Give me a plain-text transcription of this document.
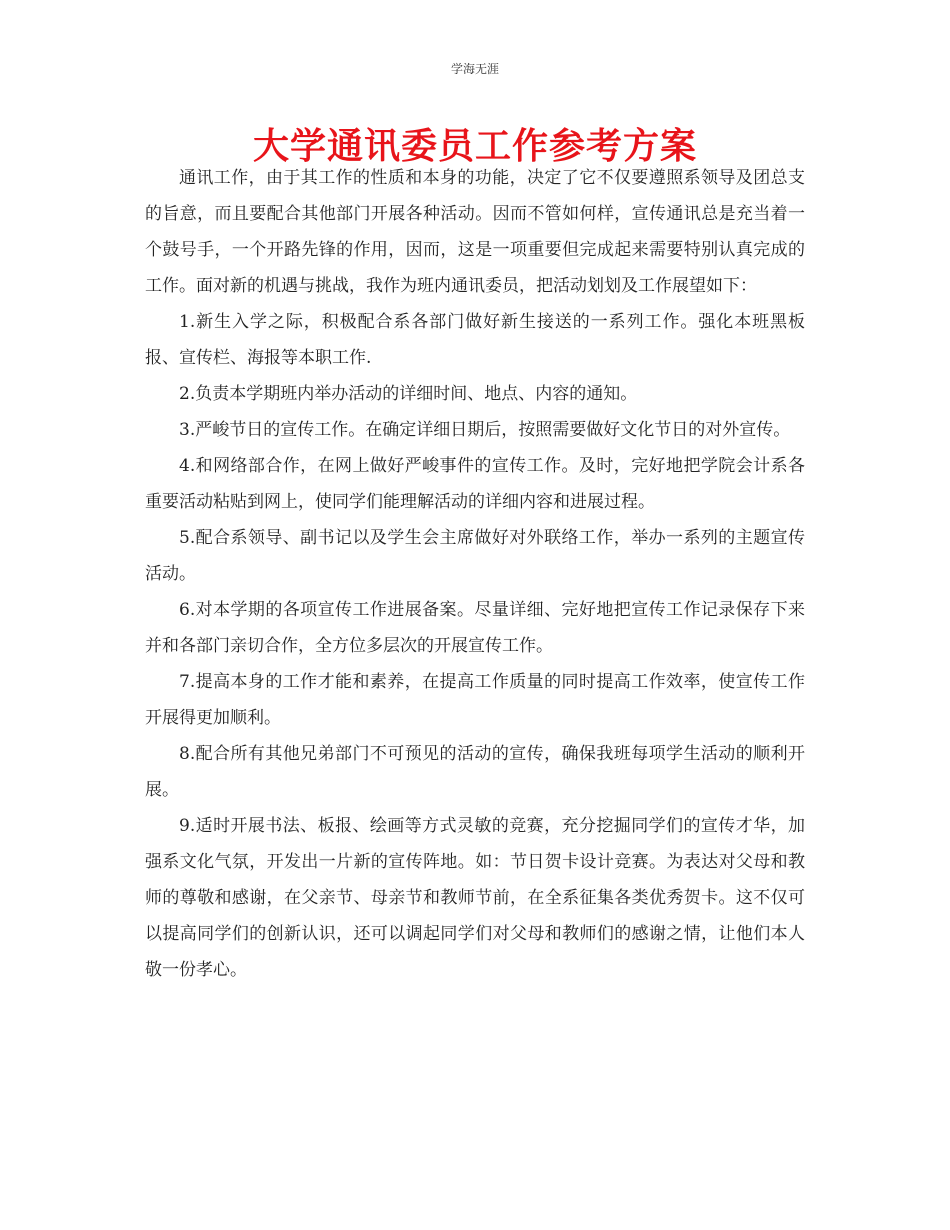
学海无涯
大学通讯委员工作参考方案

通讯工作，由于其工作的性质和本身的功能，决定了它不仅要遵照系领导及团总支的旨意，而且要配合其他部门开展各种活动。因而不管如何样，宣传通讯总是充当着一个鼓号手，一个开路先锋的作用，因而，这是一项重要但完成起来需要特别认真完成的工作。面对新的机遇与挑战，我作为班内通讯委员，把活动划划及工作展望如下：

1.新生入学之际，积极配合系各部门做好新生接送的一系列工作。强化本班黑板报、宣传栏、海报等本职工作.

2.负责本学期班内举办活动的详细时间、地点、内容的通知。

3.严峻节日的宣传工作。在确定详细日期后，按照需要做好文化节日的对外宣传。

4.和网络部合作，在网上做好严峻事件的宣传工作。及时，完好地把学院会计系各重要活动粘贴到网上，使同学们能理解活动的详细内容和进展过程。

5.配合系领导、副书记以及学生会主席做好对外联络工作，举办一系列的主题宣传活动。

6.对本学期的各项宣传工作进展备案。尽量详细、完好地把宣传工作记录保存下来并和各部门亲切合作，全方位多层次的开展宣传工作。

7.提高本身的工作才能和素养，在提高工作质量的同时提高工作效率，使宣传工作开展得更加顺利。

8.配合所有其他兄弟部门不可预见的活动的宣传，确保我班每项学生活动的顺利开展。

9.适时开展书法、板报、绘画等方式灵敏的竞赛，充分挖掘同学们的宣传才华，加强系文化气氛，开发出一片新的宣传阵地。如：节日贺卡设计竞赛。为表达对父母和教师的尊敬和感谢，在父亲节、母亲节和教师节前，在全系征集各类优秀贺卡。这不仅可以提高同学们的创新认识，还可以调起同学们对父母和教师们的感谢之情，让他们本人敬一份孝心。
